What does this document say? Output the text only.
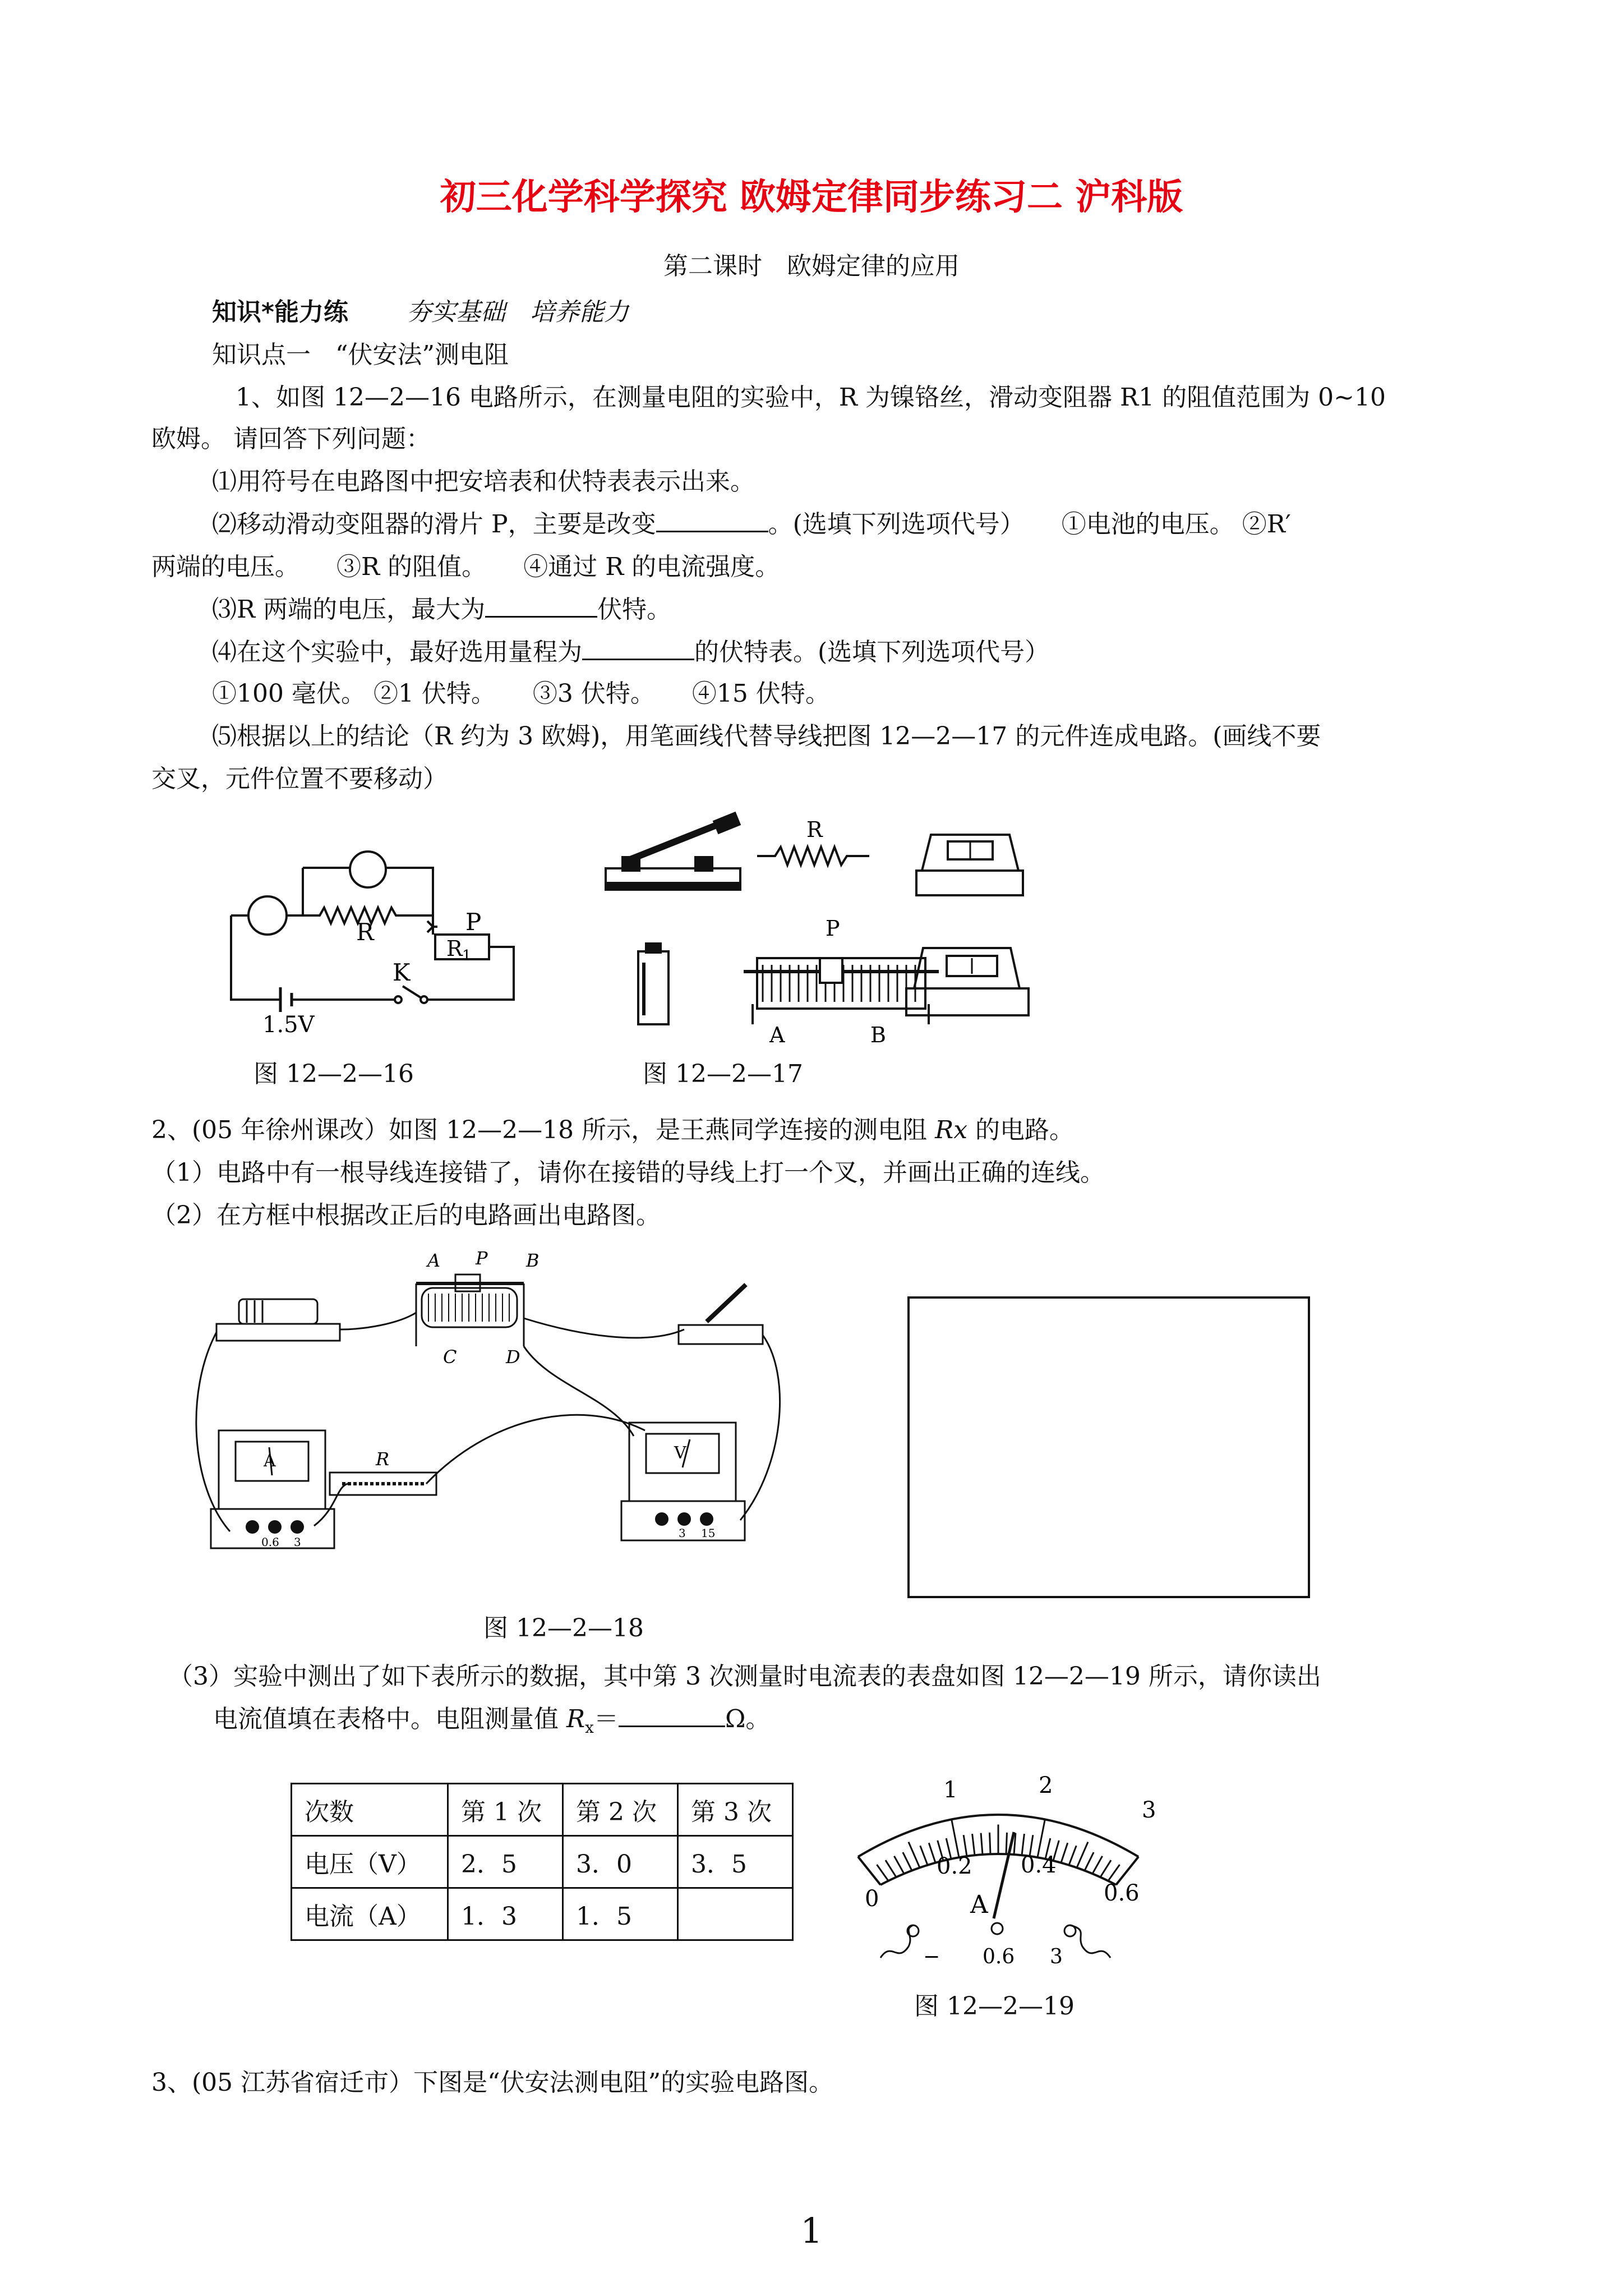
初三化学科学探究 欧姆定律同步练习二 沪科版
第二课时　欧姆定律的应用
知识*能力练 夯实基础　培养能力
知识点一　“伏安法”测电阻
1、如图 12—2—16 电路所示，在测量电阻的实验中，R 为镍铬丝，滑动变阻器 R1 的阻值范围为 0~10
欧姆。 请回答下列问题：
⑴用符号在电路图中把安培表和伏特表表示出来。
⑵移动滑动变阻器的滑片 P，主要是改变	。(选填下列选项代号）　　①电池的电压。 ②R′
两端的电压。　　③R 的阻值。　　④通过 R 的电流强度。
⑶R 两端的电压，最大为	伏特。
⑷在这个实验中，最好选用量程为	的伏特表。(选填下列选项代号）
①100 毫伏。 ②1 伏特。　　③3 伏特。　　④15 伏特。
⑸根据以上的结论（R 约为 3 欧姆)，用笔画线代替导线把图 12—2—17 的元件连成电路。(画线不要
交叉，元件位置不要移动）
R	P
R 1
K
1.5V
图 12—2—16
R
P
A	B
图 12—2—17
2、(05 年徐州课改）如图 12—2—18 所示，是王燕同学连接的测电阻 Rx 的电路。
（1）电路中有一根导线连接错了，请你在接错的导线上打一个叉，并画出正确的连线。
（2）在方框中根据改正后的电路画出电路图。
A P B
C	D
R
A	V
0.6 3
3 15
图 12—2—18
（3）实验中测出了如下表所示的数据，其中第 3 次测量时电流表的表盘如图 12—2—19 所示，请你读出
电流值填在表格中。电阻测量值 $R_x=$	Ω。
次数	第 1 次	第 2 次	第 3 次
电压（V）	2．5	3．0	3．5
电流（A）	1．3	1．5	
1	2
3
0
0.2 0.4
0.6
A
− 0.6 3
图 12—2—19
3、(05 江苏省宿迁市）下图是“伏安法测电阻”的实验电路图。
1
